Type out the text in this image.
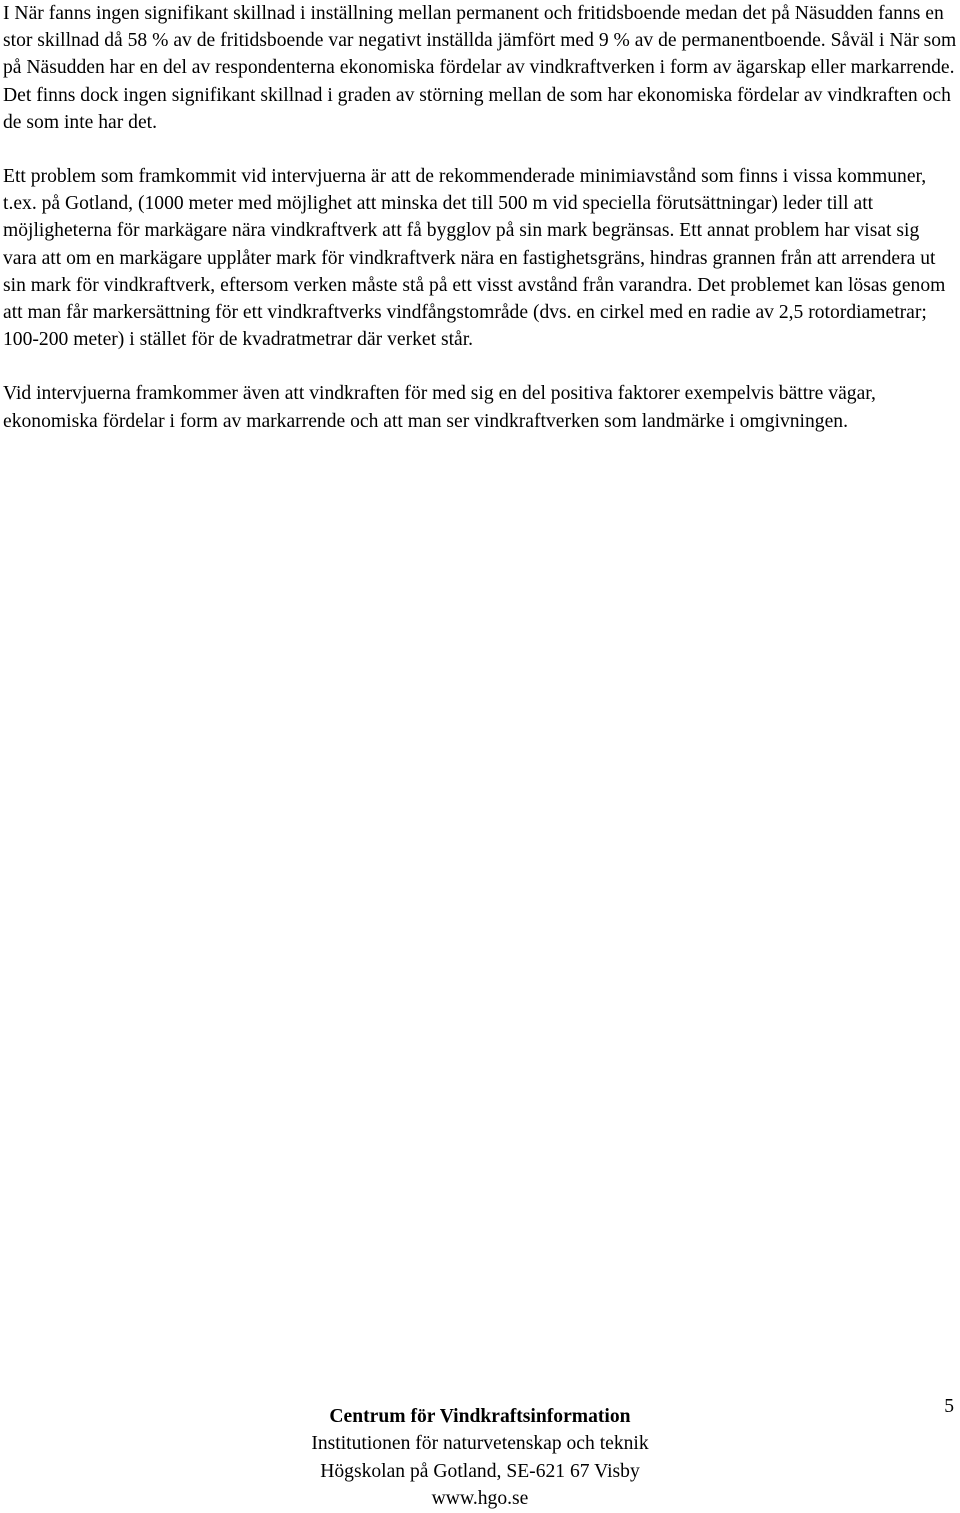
I När fanns ingen signifikant skillnad i inställning mellan permanent och fritidsboende medan det på Näsudden fanns en stor skillnad då 58 % av de fritidsboende var negativt inställda jämfört med 9 % av de permanentboende. Såväl i När som på Näsudden har en del av respondenterna ekonomiska fördelar av vindkraftverken i form av ägarskap eller markarrende. Det finns dock ingen signifikant skillnad i graden av störning mellan de som har ekonomiska fördelar av vindkraften och de som inte har det.

Ett problem som framkommit vid intervjuerna är att de rekommenderade minimiavstånd som finns i vissa kommuner, t.ex. på Gotland, (1000 meter med möjlighet att minska det till 500 m vid speciella förutsättningar) leder till att möjligheterna för markägare nära vindkraftverk att få bygglov på sin mark begränsas. Ett annat problem har visat sig vara att om en markägare upplåter mark för vindkraftverk nära en fastighetsgräns, hindras grannen från att arrendera ut sin mark för vindkraftverk, eftersom verken måste stå på ett visst avstånd från varandra. Det problemet kan lösas genom att man får markersättning för ett vindkraftverks vindfångstområde (dvs. en cirkel med en radie av 2,5 rotordiametrar; 100-200 meter) i stället för de kvadratmetrar där verket står.

Vid intervjuerna framkommer även att vindkraften för med sig en del positiva faktorer exempelvis bättre vägar, ekonomiska fördelar i form av markarrende och att man ser vindkraftverken som landmärke i omgivningen.

Centrum för Vindkraftsinformation
Institutionen för naturvetenskap och teknik
Högskolan på Gotland, SE-621 67 Visby
www.hgo.se
5
